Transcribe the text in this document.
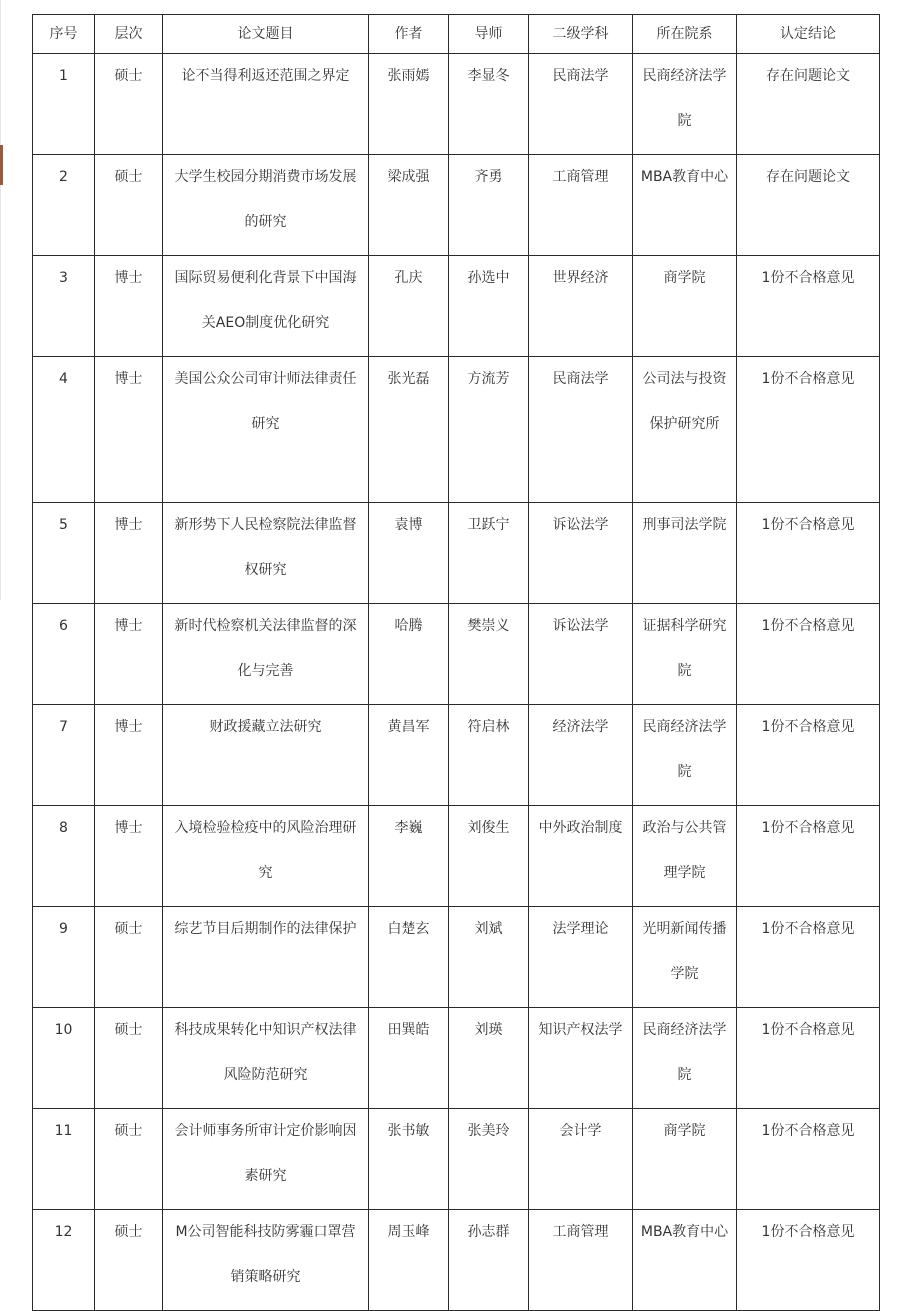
序号	层次	论文题目	作者	导师	二级学科	所在院系	认定结论
1	硕士	论不当得利返还范围之界定	张雨嫣	李显冬	民商法学	民商经济法学院	存在问题论文
2	硕士	大学生校园分期消费市场发展的研究	梁成强	齐勇	工商管理	MBA教育中心	存在问题论文
3	博士	国际贸易便利化背景下中国海关AEO制度优化研究	孔庆	孙选中	世界经济	商学院	1份不合格意见
4	博士	美国公众公司审计师法律责任研究	张光磊	方流芳	民商法学	公司法与投资保护研究所	1份不合格意见
5	博士	新形势下人民检察院法律监督权研究	袁博	卫跃宁	诉讼法学	刑事司法学院	1份不合格意见
6	博士	新时代检察机关法律监督的深化与完善	哈腾	樊崇义	诉讼法学	证据科学研究院	1份不合格意见
7	博士	财政援藏立法研究	黄昌军	符启林	经济法学	民商经济法学院	1份不合格意见
8	博士	入境检验检疫中的风险治理研究	李巍	刘俊生	中外政治制度	政治与公共管理学院	1份不合格意见
9	硕士	综艺节目后期制作的法律保护	白楚玄	刘斌	法学理论	光明新闻传播学院	1份不合格意见
10	硕士	科技成果转化中知识产权法律风险防范研究	田巽皓	刘瑛	知识产权法学	民商经济法学院	1份不合格意见
11	硕士	会计师事务所审计定价影响因素研究	张书敏	张美玲	会计学	商学院	1份不合格意见
12	硕士	M公司智能科技防雾霾口罩营销策略研究	周玉峰	孙志群	工商管理	MBA教育中心	1份不合格意见
